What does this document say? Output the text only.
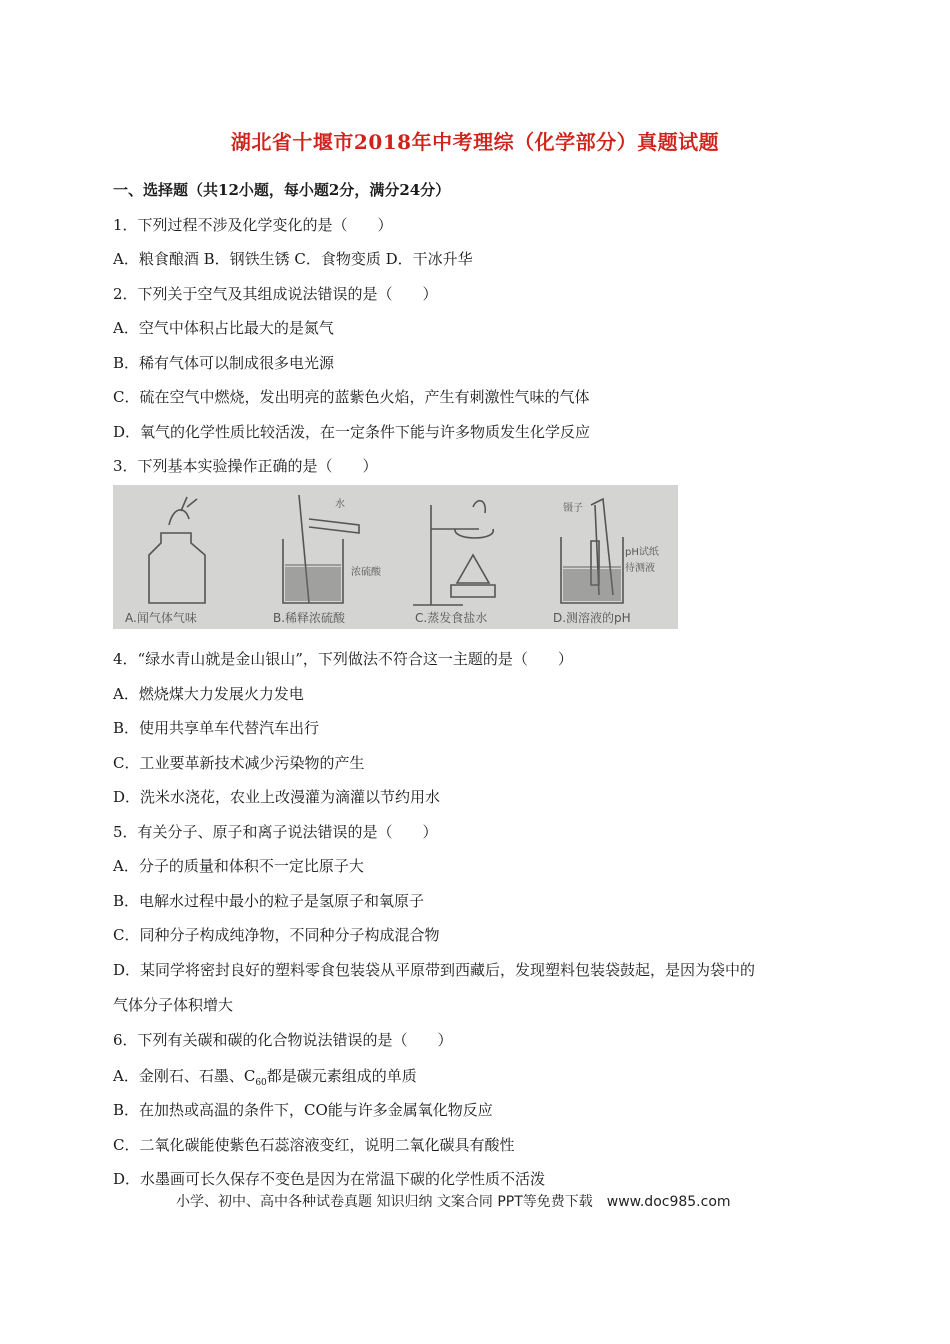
湖北省十堰市2018年中考理综（化学部分）真题试题
一、选择题（共12小题，每小题2分，满分24分）
1．下列过程不涉及化学变化的是（　　）
A．粮食酿酒 B．钢铁生锈 C．食物变质 D．干冰升华
2．下列关于空气及其组成说法错误的是（　　）
A．空气中体积占比最大的是氮气
B．稀有气体可以制成很多电光源
C．硫在空气中燃烧，发出明亮的蓝紫色火焰，产生有刺激性气味的气体
D．氧气的化学性质比较活泼，在一定条件下能与许多物质发生化学反应
3．下列基本实验操作正确的是（　　）
水
浓硫酸
镊子
pH试纸
待测液
A.闻气体气味	B.稀释浓硫酸	C.蒸发食盐水	D.测溶液的pH
4．“绿水青山就是金山银山”，下列做法不符合这一主题的是（　　）
A．燃烧煤大力发展火力发电
B．使用共享单车代替汽车出行
C．工业要革新技术减少污染物的产生
D．洗米水浇花，农业上改漫灌为滴灌以节约用水
5．有关分子、原子和离子说法错误的是（　　）
A．分子的质量和体积不一定比原子大
B．电解水过程中最小的粒子是氢原子和氧原子
C．同种分子构成纯净物，不同种分子构成混合物
D．某同学将密封良好的塑料零食包装袋从平原带到西藏后，发现塑料包装袋鼓起，是因为袋中的
气体分子体积增大
6．下列有关碳和碳的化合物说法错误的是（　　）
A．金刚石、石墨、$C_{60}$都是碳元素组成的单质
B．在加热或高温的条件下，CO能与许多金属氧化物反应
C．二氧化碳能使紫色石蕊溶液变红，说明二氧化碳具有酸性
D．水墨画可长久保存不变色是因为在常温下碳的化学性质不活泼
小学、初中、高中各种试卷真题 知识归纳 文案合同 PPT等免费下载　www.doc985.com
